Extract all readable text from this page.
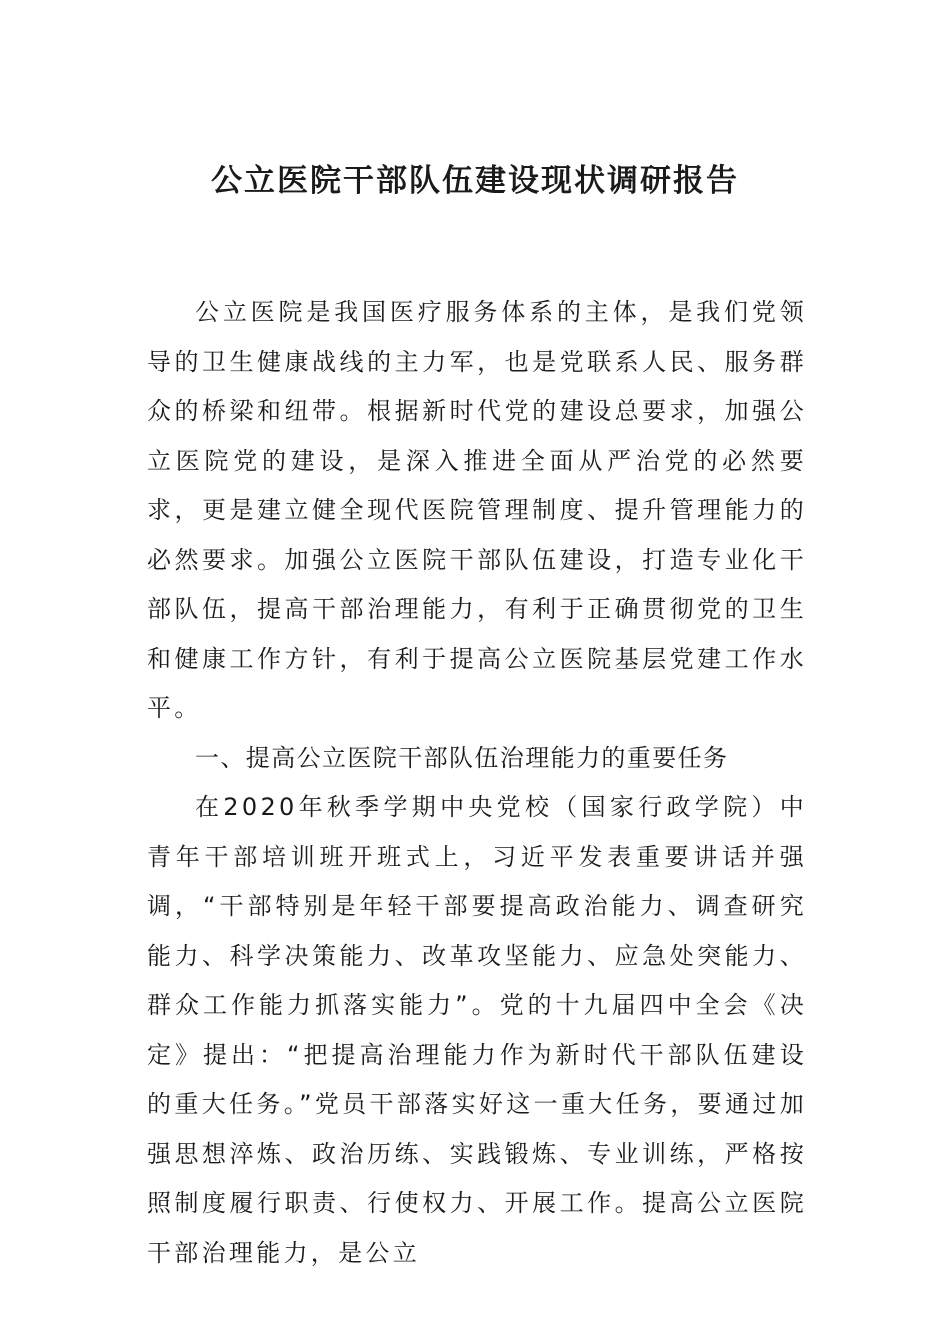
公立医院干部队伍建设现状调研报告

公立医院是我国医疗服务体系的主体，是我们党领导的卫生健康战线的主力军，也是党联系人民、服务群众的桥梁和纽带。根据新时代党的建设总要求，加强公立医院党的建设，是深入推进全面从严治党的必然要求，更是建立健全现代医院管理制度、提升管理能力的必然要求。加强公立医院干部队伍建设，打造专业化干部队伍，提高干部治理能力，有利于正确贯彻党的卫生和健康工作方针，有利于提高公立医院基层党建工作水平。

一、提高公立医院干部队伍治理能力的重要任务

在2020年秋季学期中央党校（国家行政学院）中青年干部培训班开班式上，习近平发表重要讲话并强调，“干部特别是年轻干部要提高政治能力、调查研究能力、科学决策能力、改革攻坚能力、应急处突能力、群众工作能力抓落实能力”。党的十九届四中全会《决定》提出：“把提高治理能力作为新时代干部队伍建设的重大任务。”党员干部落实好这一重大任务，要通过加强思想淬炼、政治历练、实践锻炼、专业训练，严格按照制度履行职责、行使权力、开展工作。提高公立医院干部治理能力，是公立
